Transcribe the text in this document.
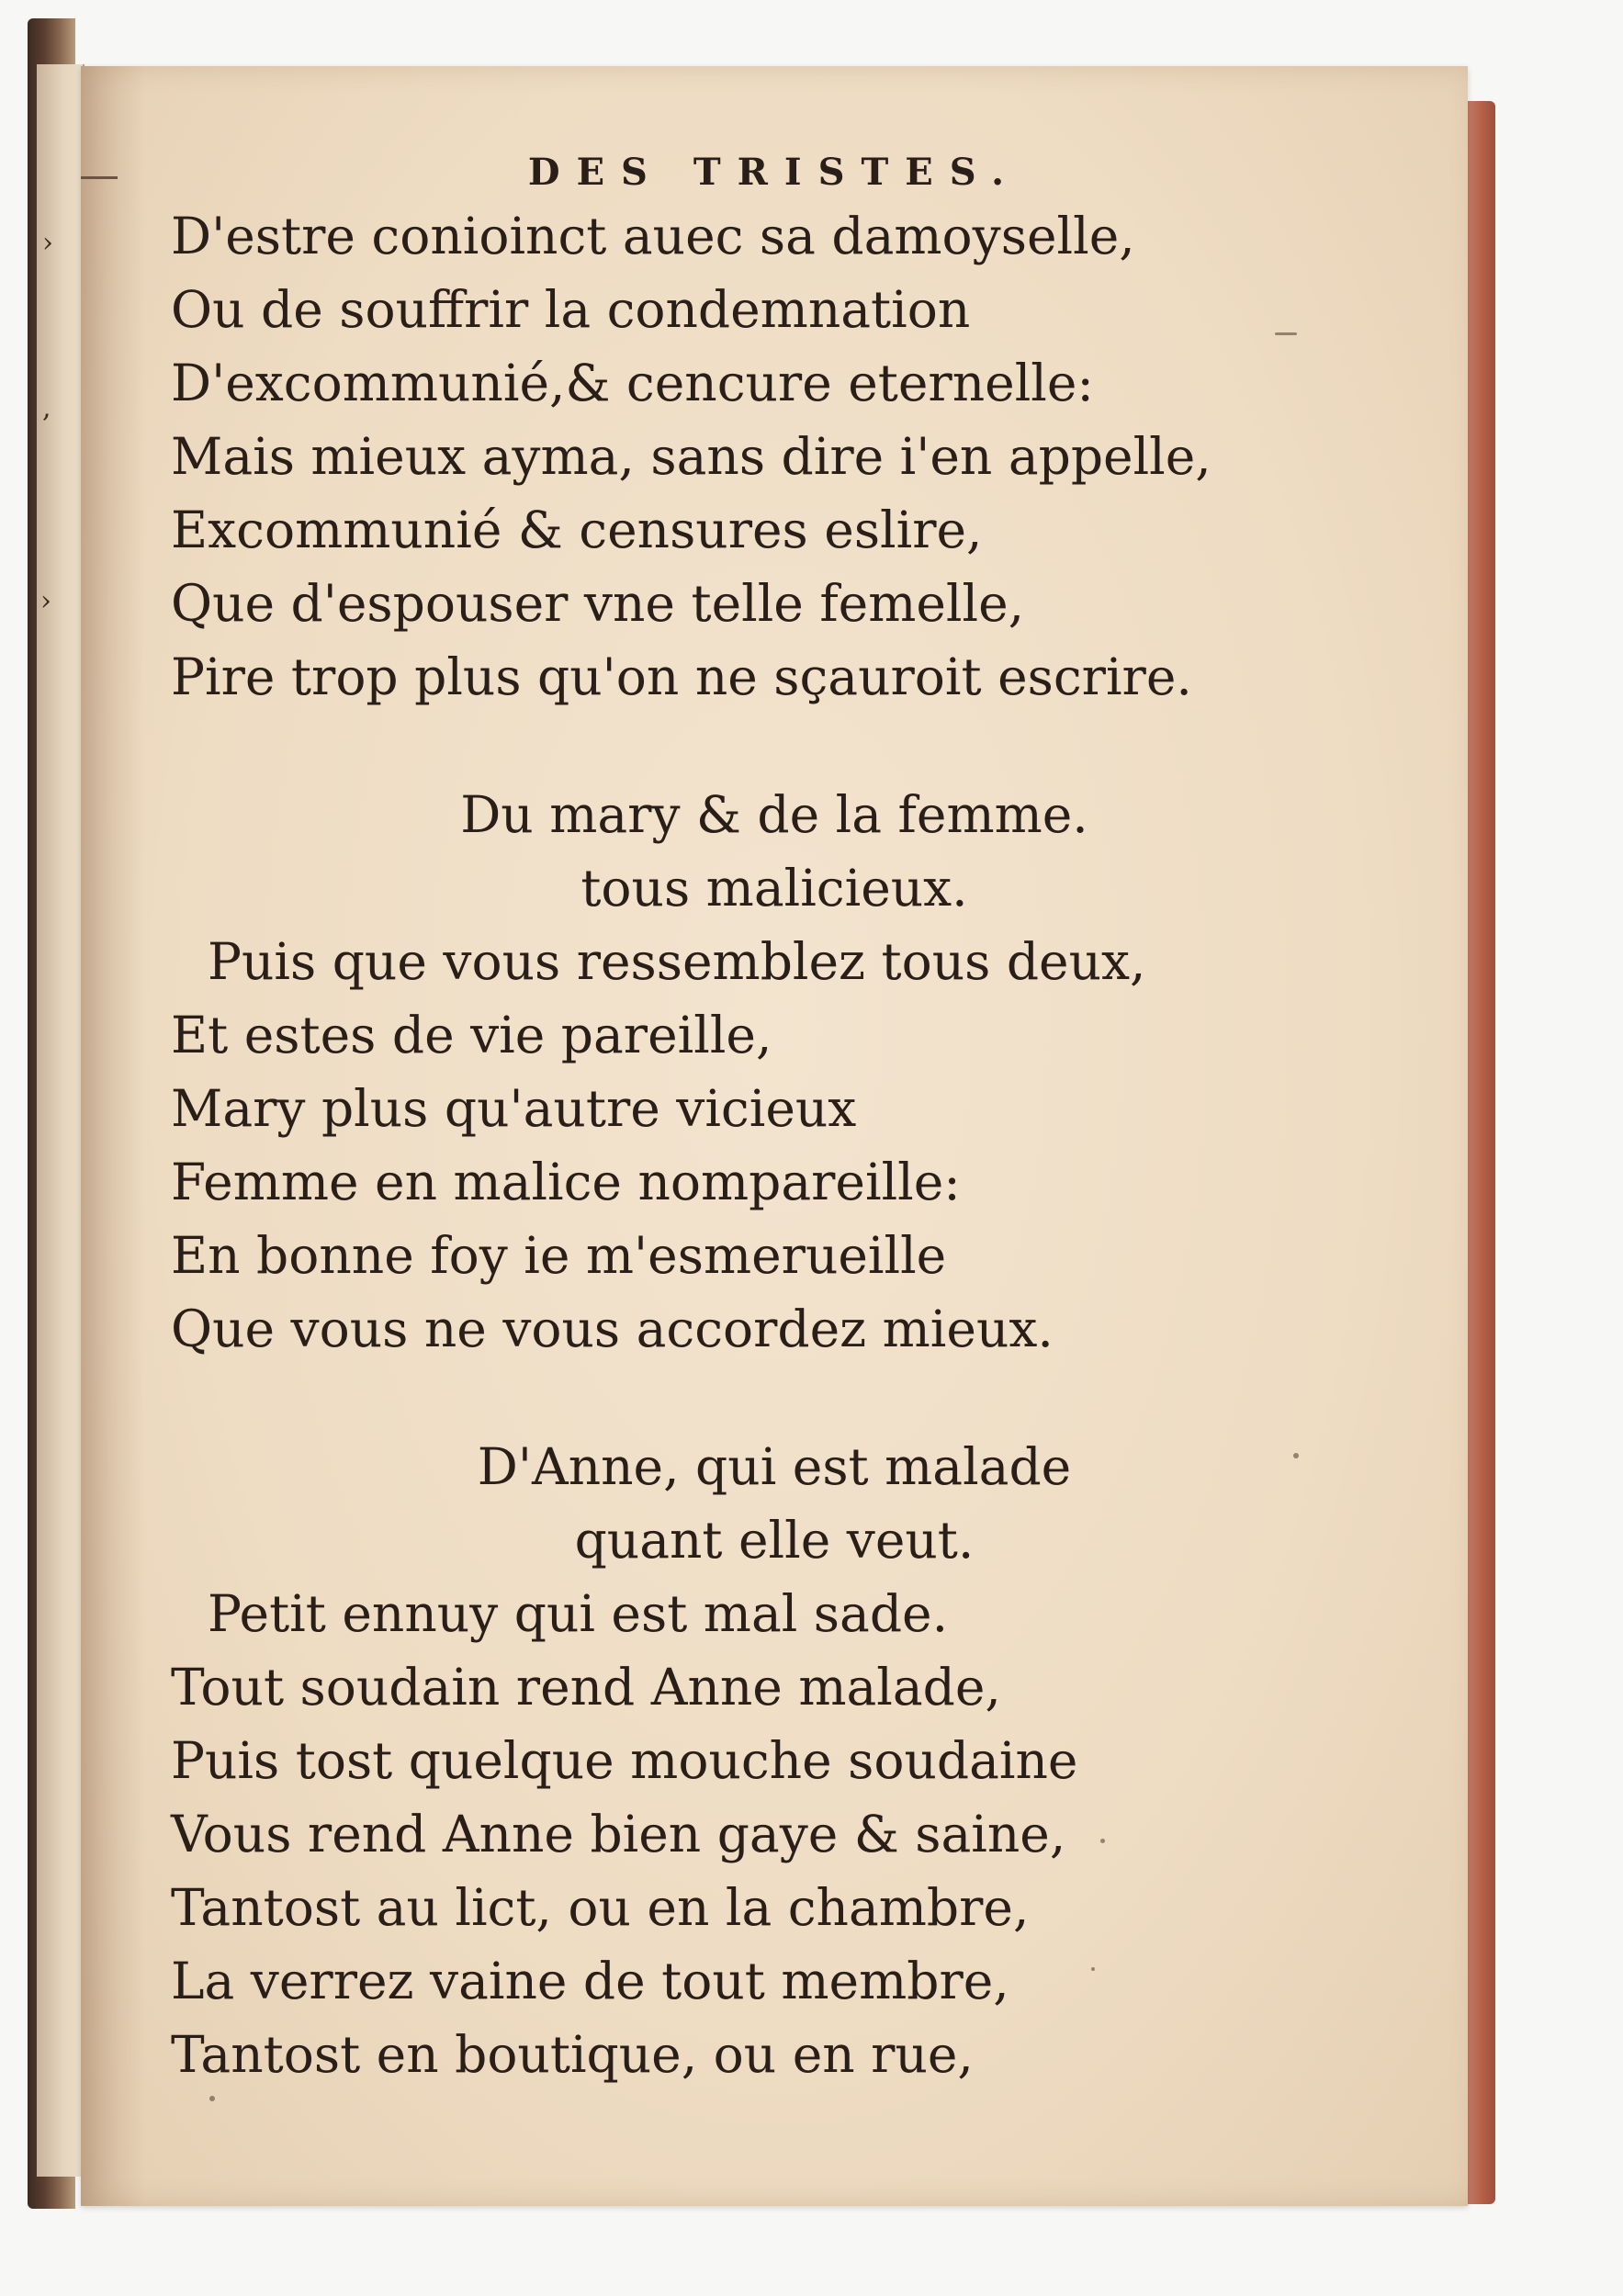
›
,
›
DES TRISTES.
D'estre conioinct auec sa damoyselle,
Ou de souffrir la condemnation
D'excommunié,& cencure eternelle:
Mais mieux ayma, sans dire i'en appelle,
Excommunié & censures eslire,
Que d'espouser vne telle femelle,
Pire trop plus qu'on ne sçauroit escrire.
Du mary & de la femme.
tous malicieux.
Puis que vous ressemblez tous deux,
Et estes de vie pareille,
Mary plus qu'autre vicieux
Femme en malice nompareille:
En bonne foy ie m'esmerueille
Que vous ne vous accordez mieux.
D'Anne, qui est malade
quant elle veut.
Petit ennuy qui est mal sade.
Tout soudain rend Anne malade,
Puis tost quelque mouche soudaine
Vous rend Anne bien gaye & saine,
Tantost au lict, ou en la chambre,
La verrez vaine de tout membre,
Tantost en boutique, ou en rue,
